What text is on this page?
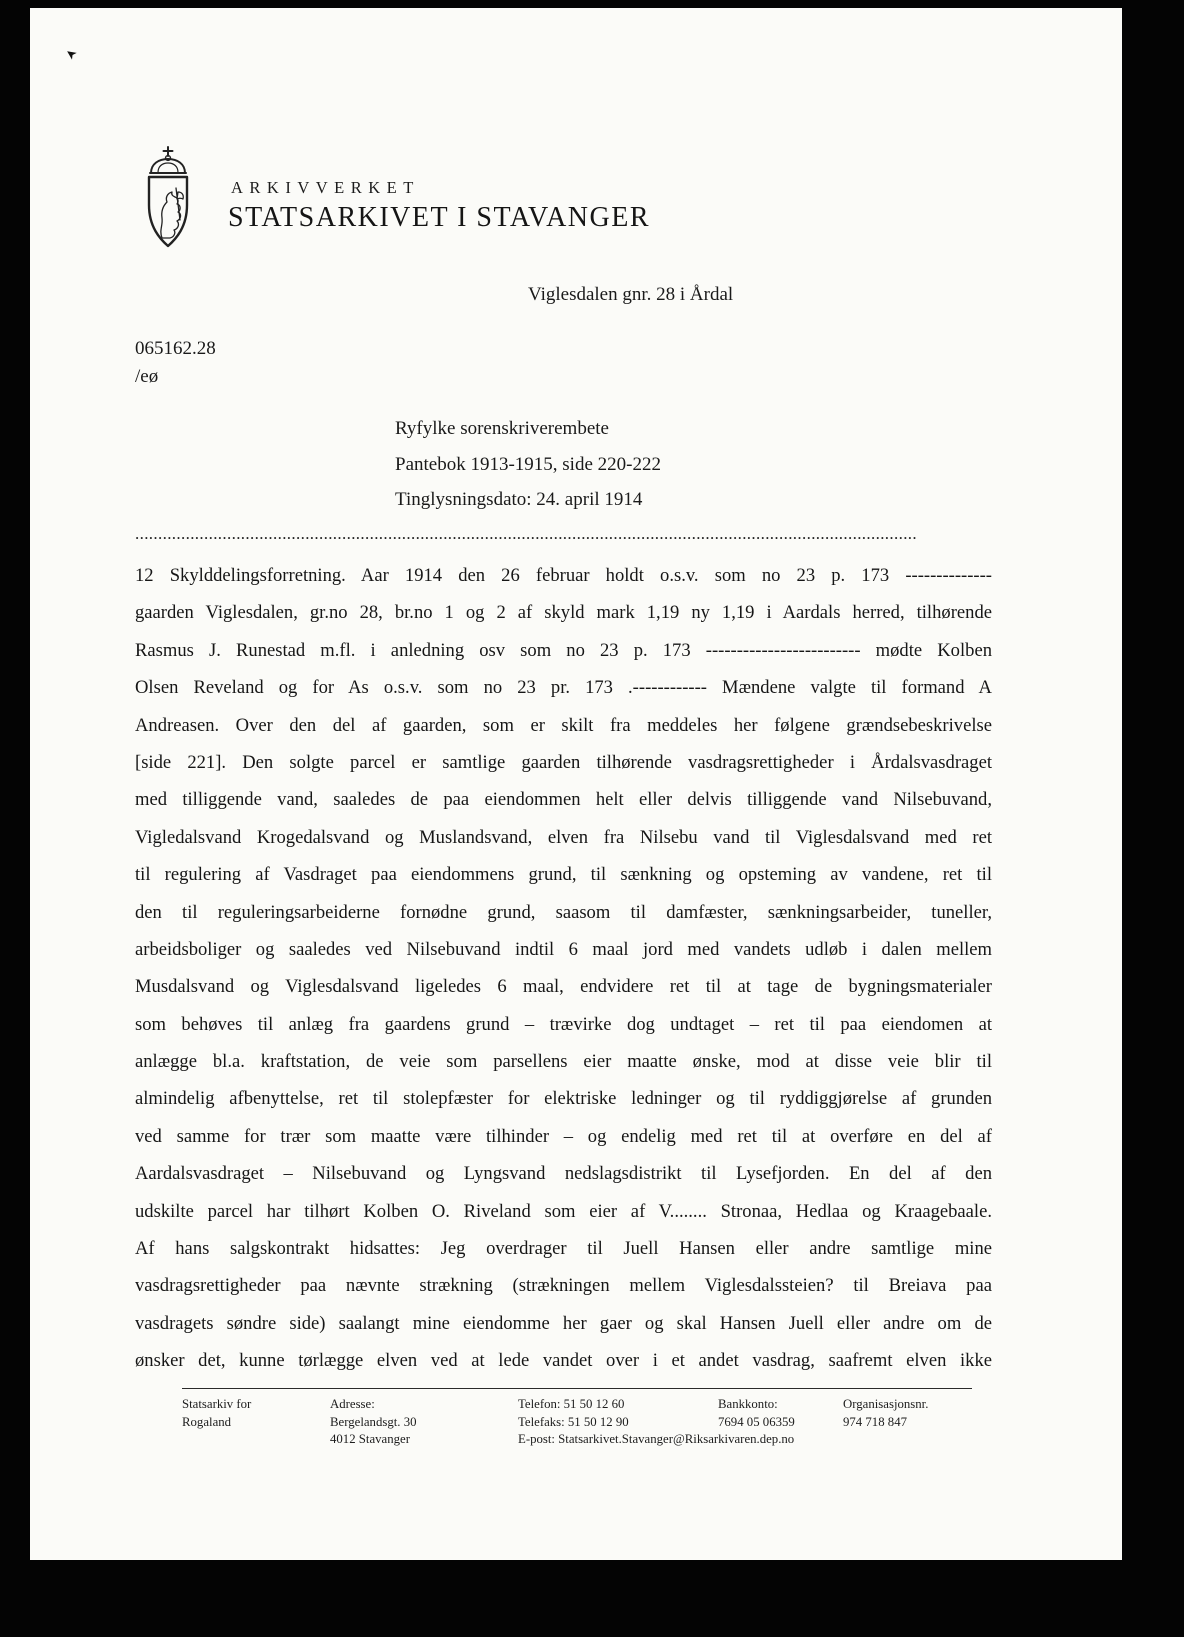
➤
ARKIVVERKET
STATSARKIVET I STAVANGER
Viglesdalen gnr. 28 i Årdal
065162.28
/eø
Ryfylke sorenskriverembete
Pantebok 1913-1915, side 220-222
Tinglysningsdato: 24. april 1914
..........................................................................................................................................................................
12 Skylddelingsforretning. Aar 1914 den 26 februar holdt o.s.v. som no 23 p. 173 --------------
gaarden Viglesdalen, gr.no 28, br.no 1 og 2 af skyld mark 1,19 ny 1,19 i Aardals herred, tilhørende
Rasmus J. Runestad m.fl. i anledning osv som no 23 p. 173 ------------------------- mødte Kolben
Olsen Reveland og for As o.s.v. som no 23 pr. 173 .------------ Mændene valgte til formand A
Andreasen. Over den del af gaarden, som er skilt fra meddeles her følgene grændsebeskrivelse
[side 221]. Den solgte parcel er samtlige gaarden tilhørende vasdragsrettigheder i Årdalsvasdraget
med tilliggende vand, saaledes de paa eiendommen helt eller delvis tilliggende vand Nilsebuvand,
Vigledalsvand Krogedalsvand og Muslandsvand, elven fra Nilsebu vand til Viglesdalsvand med ret
til regulering af Vasdraget paa eiendommens grund, til sænkning og opsteming av vandene, ret til
den til reguleringsarbeiderne fornødne grund, saasom til damfæster, sænkningsarbeider, tuneller,
arbeidsboliger og saaledes ved Nilsebuvand indtil 6 maal jord med vandets udløb i dalen mellem
Musdalsvand og Viglesdalsvand ligeledes 6 maal, endvidere ret til at tage de bygningsmaterialer
som behøves til anlæg fra gaardens grund – trævirke dog undtaget – ret til paa eiendomen at
anlægge bl.a. kraftstation, de veie som parsellens eier maatte ønske, mod at disse veie blir til
almindelig afbenyttelse, ret til stolepfæster for elektriske ledninger og til ryddiggjørelse af grunden
ved samme for trær som maatte være tilhinder – og endelig med ret til at overføre en del af
Aardalsvasdraget – Nilsebuvand og Lyngsvand nedslagsdistrikt til Lysefjorden. En del af den
udskilte parcel har tilhørt Kolben O. Riveland som eier af V........ Stronaa, Hedlaa og Kraagebaale.
Af hans salgskontrakt hidsattes: Jeg overdrager til Juell Hansen eller andre samtlige mine
vasdragsrettigheder paa nævnte strækning (strækningen mellem Viglesdalssteien? til Breiava paa
vasdragets søndre side) saalangt mine eiendomme her gaer og skal Hansen Juell eller andre om de
ønsker det, kunne tørlægge elven ved at lede vandet over i et andet vasdrag, saafremt elven ikke
Statsarkiv for
Rogaland
Adresse:
Bergelandsgt. 30
4012 Stavanger
Telefon: 51 50 12 60
Telefaks: 51 50 12 90
E-post: Statsarkivet.Stavanger@Riksarkivaren.dep.no
Bankkonto:
7694 05 06359
Organisasjonsnr.
974 718 847
